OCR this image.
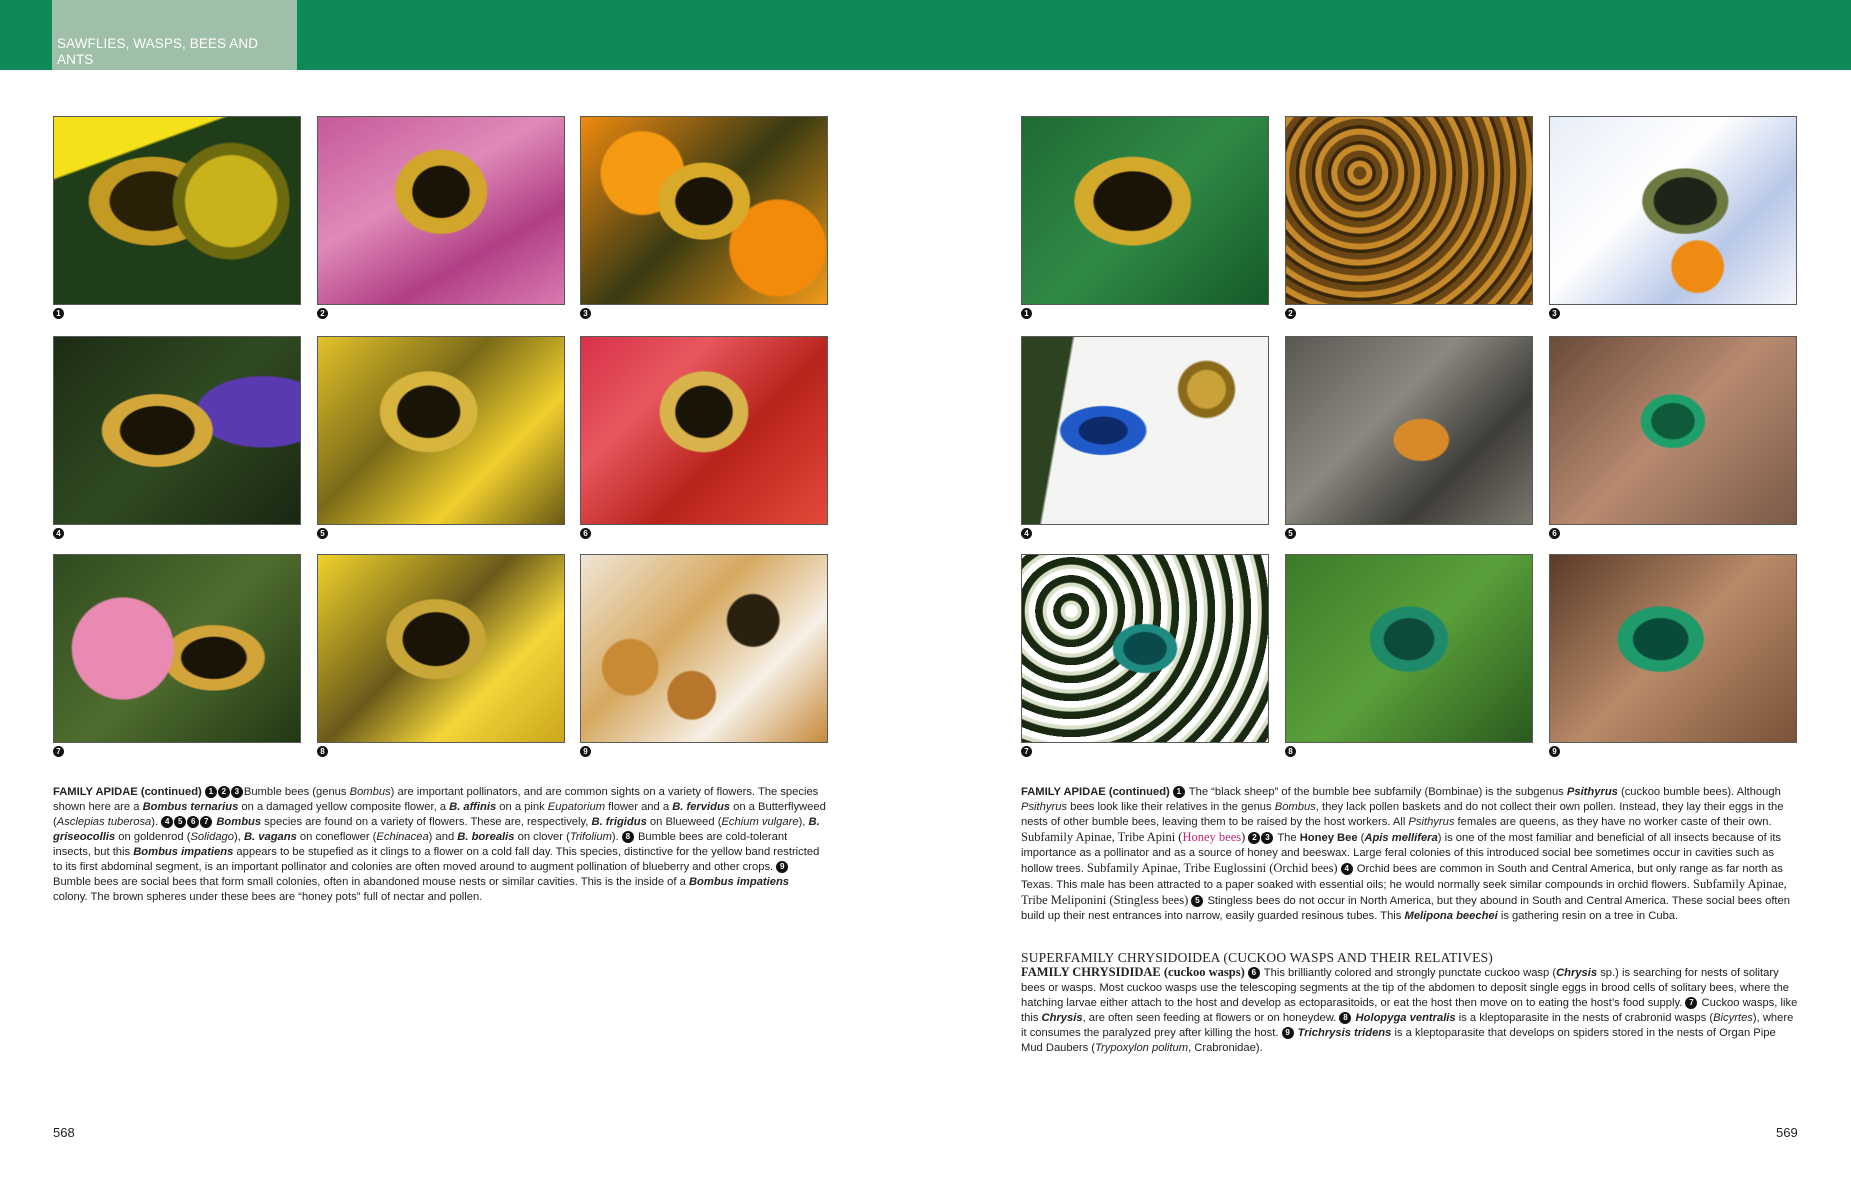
SAWFLIES, WASPS, BEES AND ANTS
ORDER HYMENOPTERA
1	2	3
4	5	6
7	8	9
1	2	3
4	5	6
7	8	9
FAMILY APIDAE (continued) 1 2 3 Bumble bees (genus Bombus) are important pollinators, and are common sights on a variety of flowers. The species shown here are a Bombus ternarius on a damaged yellow composite flower, a B. affinis on a pink Eupatorium flower and a B. fervidus on a Butterflyweed (Asclepias tuberosa). 4 5 6 7 Bombus species are found on a variety of flowers. These are, respectively, B. frigidus on Blueweed (Echium vulgare), B. griseocollis on goldenrod (Solidago), B. vagans on coneflower (Echinacea) and B. borealis on clover (Trifolium). 8 Bumble bees are cold-tolerant insects, but this Bombus impatiens appears to be stupefied as it clings to a flower on a cold fall day. This species, distinctive for the yellow band restricted to its first abdominal segment, is an important pollinator and colonies are often moved around to augment pollination of blueberry and other crops. 9 Bumble bees are social bees that form small colonies, often in abandoned mouse nests or similar cavities. This is the inside of a Bombus impatiens colony. The brown spheres under these bees are “honey pots” full of nectar and pollen.
FAMILY APIDAE (continued) 1 The “black sheep” of the bumble bee subfamily (Bombinae) is the subgenus Psithyrus (cuckoo bumble bees). Although Psithyrus bees look like their relatives in the genus Bombus, they lack pollen baskets and do not collect their own pollen. Instead, they lay their eggs in the nests of other bumble bees, leaving them to be raised by the host workers. All Psithyrus females are queens, as they have no worker caste of their own. Subfamily Apinae, Tribe Apini (Honey bees) 2 3 The Honey Bee (Apis mellifera) is one of the most familiar and beneficial of all insects because of its importance as a pollinator and as a source of honey and beeswax. Large feral colonies of this introduced social bee sometimes occur in cavities such as hollow trees. Subfamily Apinae, Tribe Euglossini (Orchid bees) 4 Orchid bees are common in South and Central America, but only range as far north as Texas. This male has been attracted to a paper soaked with essential oils; he would normally seek similar compounds in orchid flowers. Subfamily Apinae, Tribe Meliponini (Stingless bees) 5 Stingless bees do not occur in North America, but they abound in South and Central America. These social bees often build up their nest entrances into narrow, easily guarded resinous tubes. This Melipona beechei is gathering resin on a tree in Cuba.
SUPERFAMILY CHRYSIDOIDEA (CUCKOO WASPS AND THEIR RELATIVES)
FAMILY CHRYSIDIDAE (cuckoo wasps) 6 This brilliantly colored and strongly punctate cuckoo wasp (Chrysis sp.) is searching for nests of solitary bees or wasps. Most cuckoo wasps use the telescoping segments at the tip of the abdomen to deposit single eggs in brood cells of solitary bees, where the hatching larvae either attach to the host and develop as ectoparasitoids, or eat the host then move on to eating the host’s food supply. 7 Cuckoo wasps, like this Chrysis, are often seen feeding at flowers or on honeydew. 8 Holopyga ventralis is a kleptoparasite in the nests of crabronid wasps (Bicyrtes), where it consumes the paralyzed prey after killing the host. 9 Trichrysis tridens is a kleptoparasite that develops on spiders stored in the nests of Organ Pipe Mud Daubers (Trypoxylon politum, Crabronidae).
568	569
